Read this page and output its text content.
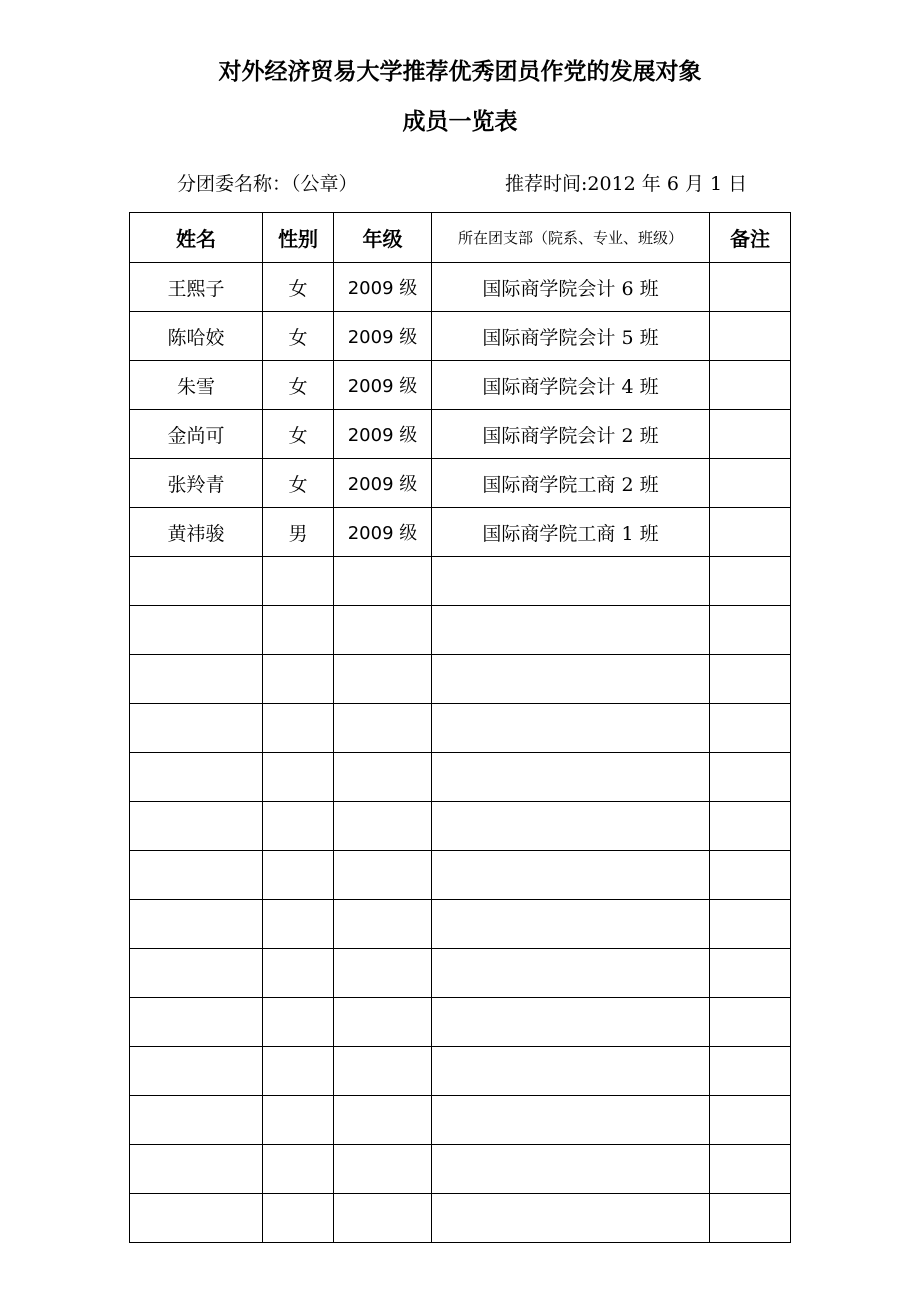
对外经济贸易大学推荐优秀团员作党的发展对象
成员一览表
分团委名称：（公章）	推荐时间:2012 年 6 月 1 日
姓名	性别	年级	所在团支部（院系、专业、班级）	备注
王熙子	女	2009 级	国际商学院会计 6 班	
陈哈姣	女	2009 级	国际商学院会计 5 班	
朱雪	女	2009 级	国际商学院会计 4 班	
金尚可	女	2009 级	国际商学院会计 2 班	
张羚青	女	2009 级	国际商学院工商 2 班	
黄祎骏	男	2009 级	国际商学院工商 1 班	
